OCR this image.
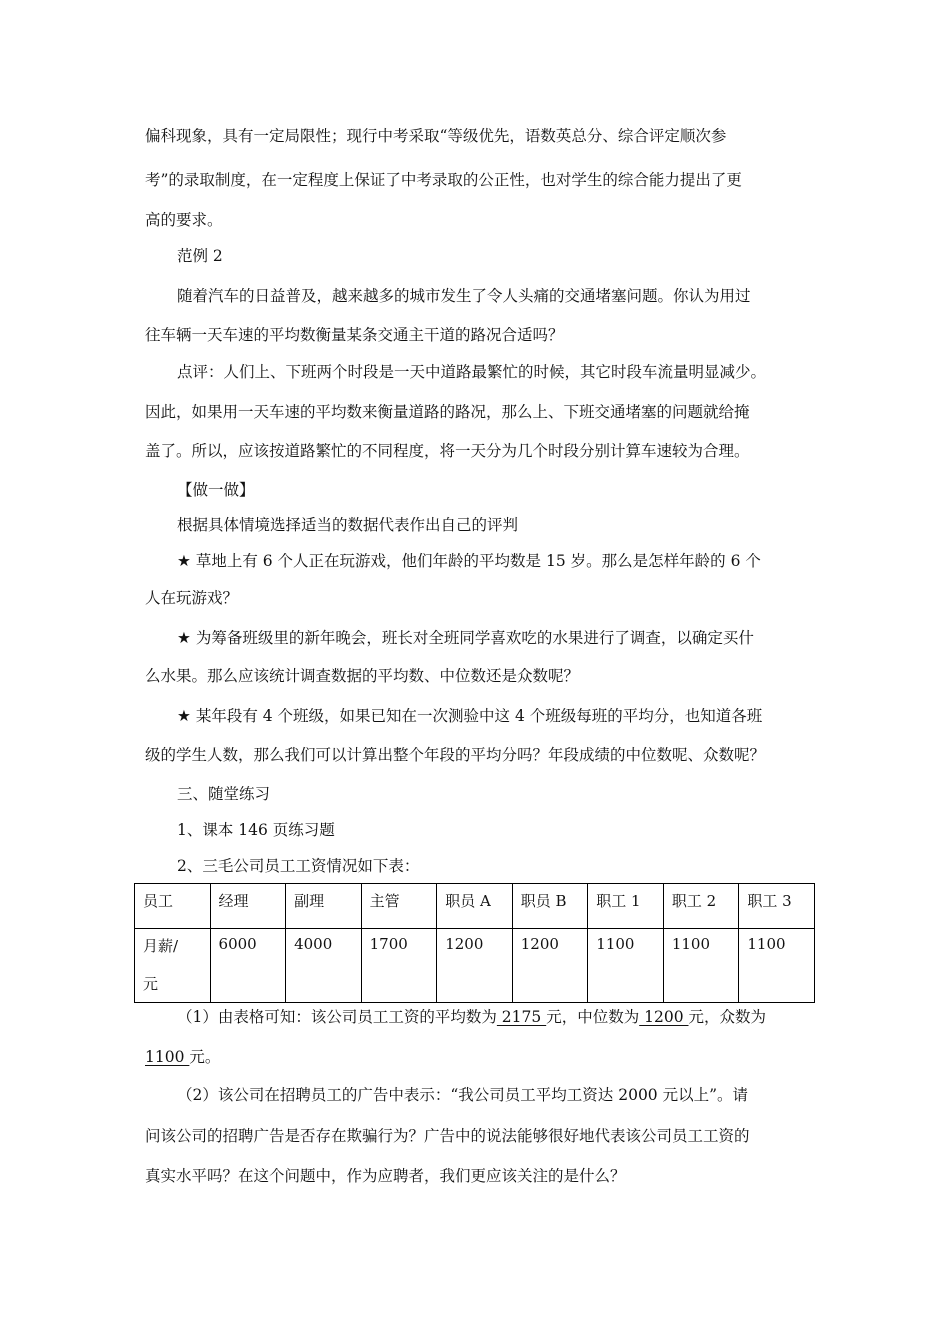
偏科现象，具有一定局限性；现行中考采取“等级优先，语数英总分、综合评定顺次参
考”的录取制度，在一定程度上保证了中考录取的公正性，也对学生的综合能力提出了更
高的要求。
范例 2
随着汽车的日益普及，越来越多的城市发生了令人头痛的交通堵塞问题。你认为用过
往车辆一天车速的平均数衡量某条交通主干道的路况合适吗？
点评：人们上、下班两个时段是一天中道路最繁忙的时候，其它时段车流量明显减少。
因此，如果用一天车速的平均数来衡量道路的路况，那么上、下班交通堵塞的问题就给掩
盖了。所以，应该按道路繁忙的不同程度，将一天分为几个时段分别计算车速较为合理。
【做一做】
根据具体情境选择适当的数据代表作出自己的评判
★ 草地上有 6 个人正在玩游戏，他们年龄的平均数是 15 岁。那么是怎样年龄的 6 个
人在玩游戏？
★ 为筹备班级里的新年晚会，班长对全班同学喜欢吃的水果进行了调查，以确定买什
么水果。那么应该统计调查数据的平均数、中位数还是众数呢？
★ 某年段有 4 个班级，如果已知在一次测验中这 4 个班级每班的平均分，也知道各班
级的学生人数，那么我们可以计算出整个年段的平均分吗？年段成绩的中位数呢、众数呢？
三、随堂练习
1、课本 146 页练习题
2、三毛公司员工工资情况如下表：
员工	经理	副理	主管	职员 A	职员 B	职工 1	职工 2	职工 3

月薪/
元	6000	4000	1700	1200	1200	1100	1100	1100
（1）由表格可知：该公司员工工资的平均数为 2175 元，中位数为 1200 元，众数为
1100 元。
（2）该公司在招聘员工的广告中表示：“我公司员工平均工资达 2000 元以上”。请
问该公司的招聘广告是否存在欺骗行为？广告中的说法能够很好地代表该公司员工工资的
真实水平吗？在这个问题中，作为应聘者，我们更应该关注的是什么？
